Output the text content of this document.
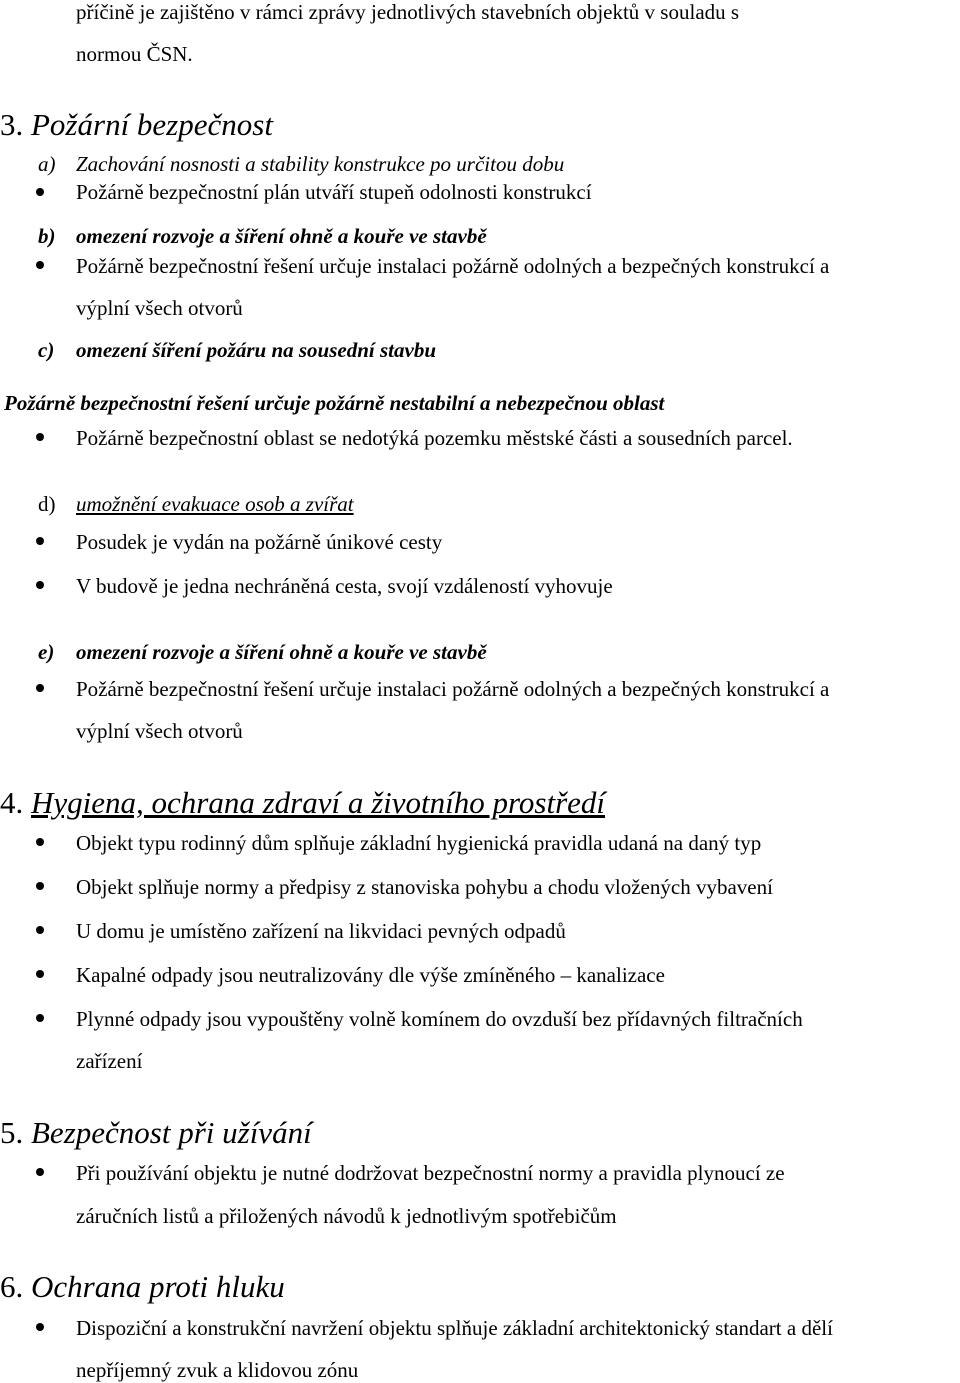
příčině je zajištěno v rámci zprávy jednotlivých stavebních objektů v souladu s
normou ČSN.
3. Požární bezpečnost
a) Zachování nosnosti a stability konstrukce po určitou dobu
Požárně bezpečnostní plán utváří stupeň odolnosti konstrukcí
b) omezení rozvoje a šíření ohně a kouře ve stavbě
Požárně bezpečnostní řešení určuje instalaci požárně odolných a bezpečných konstrukcí a
výplní všech otvorů
c) omezení šíření požáru na sousední stavbu
Požárně bezpečnostní řešení určuje požárně nestabilní a nebezpečnou oblast
Požárně bezpečnostní oblast se nedotýká pozemku městské části a sousedních parcel.
d) umožnění evakuace osob a zvířat
Posudek je vydán na požárně únikové cesty
V budově je jedna nechráněná cesta, svojí vzdáleností vyhovuje
e) omezení rozvoje a šíření ohně a kouře ve stavbě
Požárně bezpečnostní řešení určuje instalaci požárně odolných a bezpečných konstrukcí a
výplní všech otvorů
4. Hygiena, ochrana zdraví a životního prostředí
Objekt typu rodinný dům splňuje základní hygienická pravidla udaná na daný typ
Objekt splňuje normy a předpisy z stanoviska pohybu a chodu vložených vybavení
U domu je umístěno zařízení na likvidaci pevných odpadů
Kapalné odpady jsou neutralizovány dle výše zmíněného – kanalizace
Plynné odpady jsou vypouštěny volně komínem do ovzduší bez přídavných filtračních
zařízení
5. Bezpečnost při užívání
Při používání objektu je nutné dodržovat bezpečnostní normy a pravidla plynoucí ze
záručních listů a přiložených návodů k jednotlivým spotřebičům
6. Ochrana proti hluku
Dispoziční a konstrukční navržení objektu splňuje základní architektonický standart a dělí
nepříjemný zvuk a klidovou zónu
